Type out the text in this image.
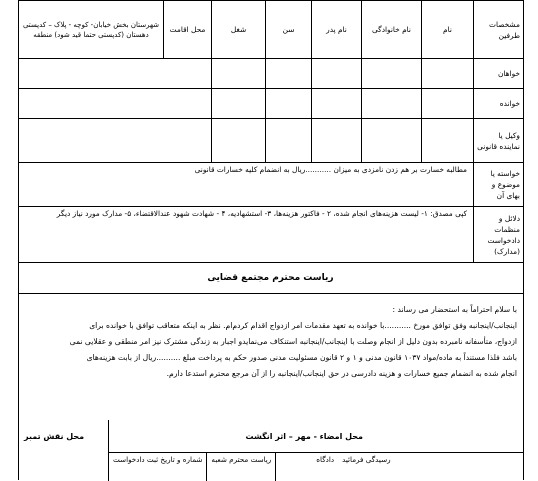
مشخصات طرفین	نام	نام خانوادگی	نام پدر	سن	شغل	محل اقامت	شهرستان بخش خیابان- کوچه - پلاک – کدپستی دهستان (کدپستی حتما قید شود) منطقه
خواهان							
خوانده							
وکیل یا نماینده قانونی							
خواسته یا موضوع و بهای آن	مطالبه خسارت بر هم زدن نامزدی به میزان ...........ریال به انضمام کلیه خسارات قانونی						
دلائل و منظمات دادخواست (مدارک)	کپی مصدق: ۱- لیست هزینه‌های انجام شده، ۲ - فاکتور هزینه‌ها، ۳- استشهادیه، ۴ - شهادت شهود عندالاقتضاء، ۵- مدارک مورد نیاز دیگر						
ریاست محترم مجتمع قضایی

با سلام احتراماً به استحضار می رساند :

اینجانب/اینجانبه وفق توافق مورخ ...........با خوانده به تعهد مقدمات امر ازدواج اقدام کردم‌ام. نظر به اینکه متعاقب توافق با خوانده برای

ازدواج، متأسفانه نامبرده بدون دلیل از انجام وصلت با اینجانب/اینجانبه استنکاف می‌نمایدو اجبار به زندگی مشترک نیز امر منطقی و عقلایی نمی

باشد فلذا مستنداً به ماده/مواد ۱۰۳۷ قانون مدنی و ۱ و ۲ قانون مسئولیت مدنی صدور حکم به پرداخت مبلغ ..........ریال از بابت هزینه‌های

انجام شده به انضمام جمیع خسارات و هزینه دادرسی در حق اینجانب/اینجانبه را از آن مرجع محترم استدعا دارم.

محل نقش تمبر	محل امضاء - مهر – اثر انگشت
شماره و تاریخ ثبت دادخواست	ریاست محترم شعبه	دادگاه	رسیدگی فرمائید
